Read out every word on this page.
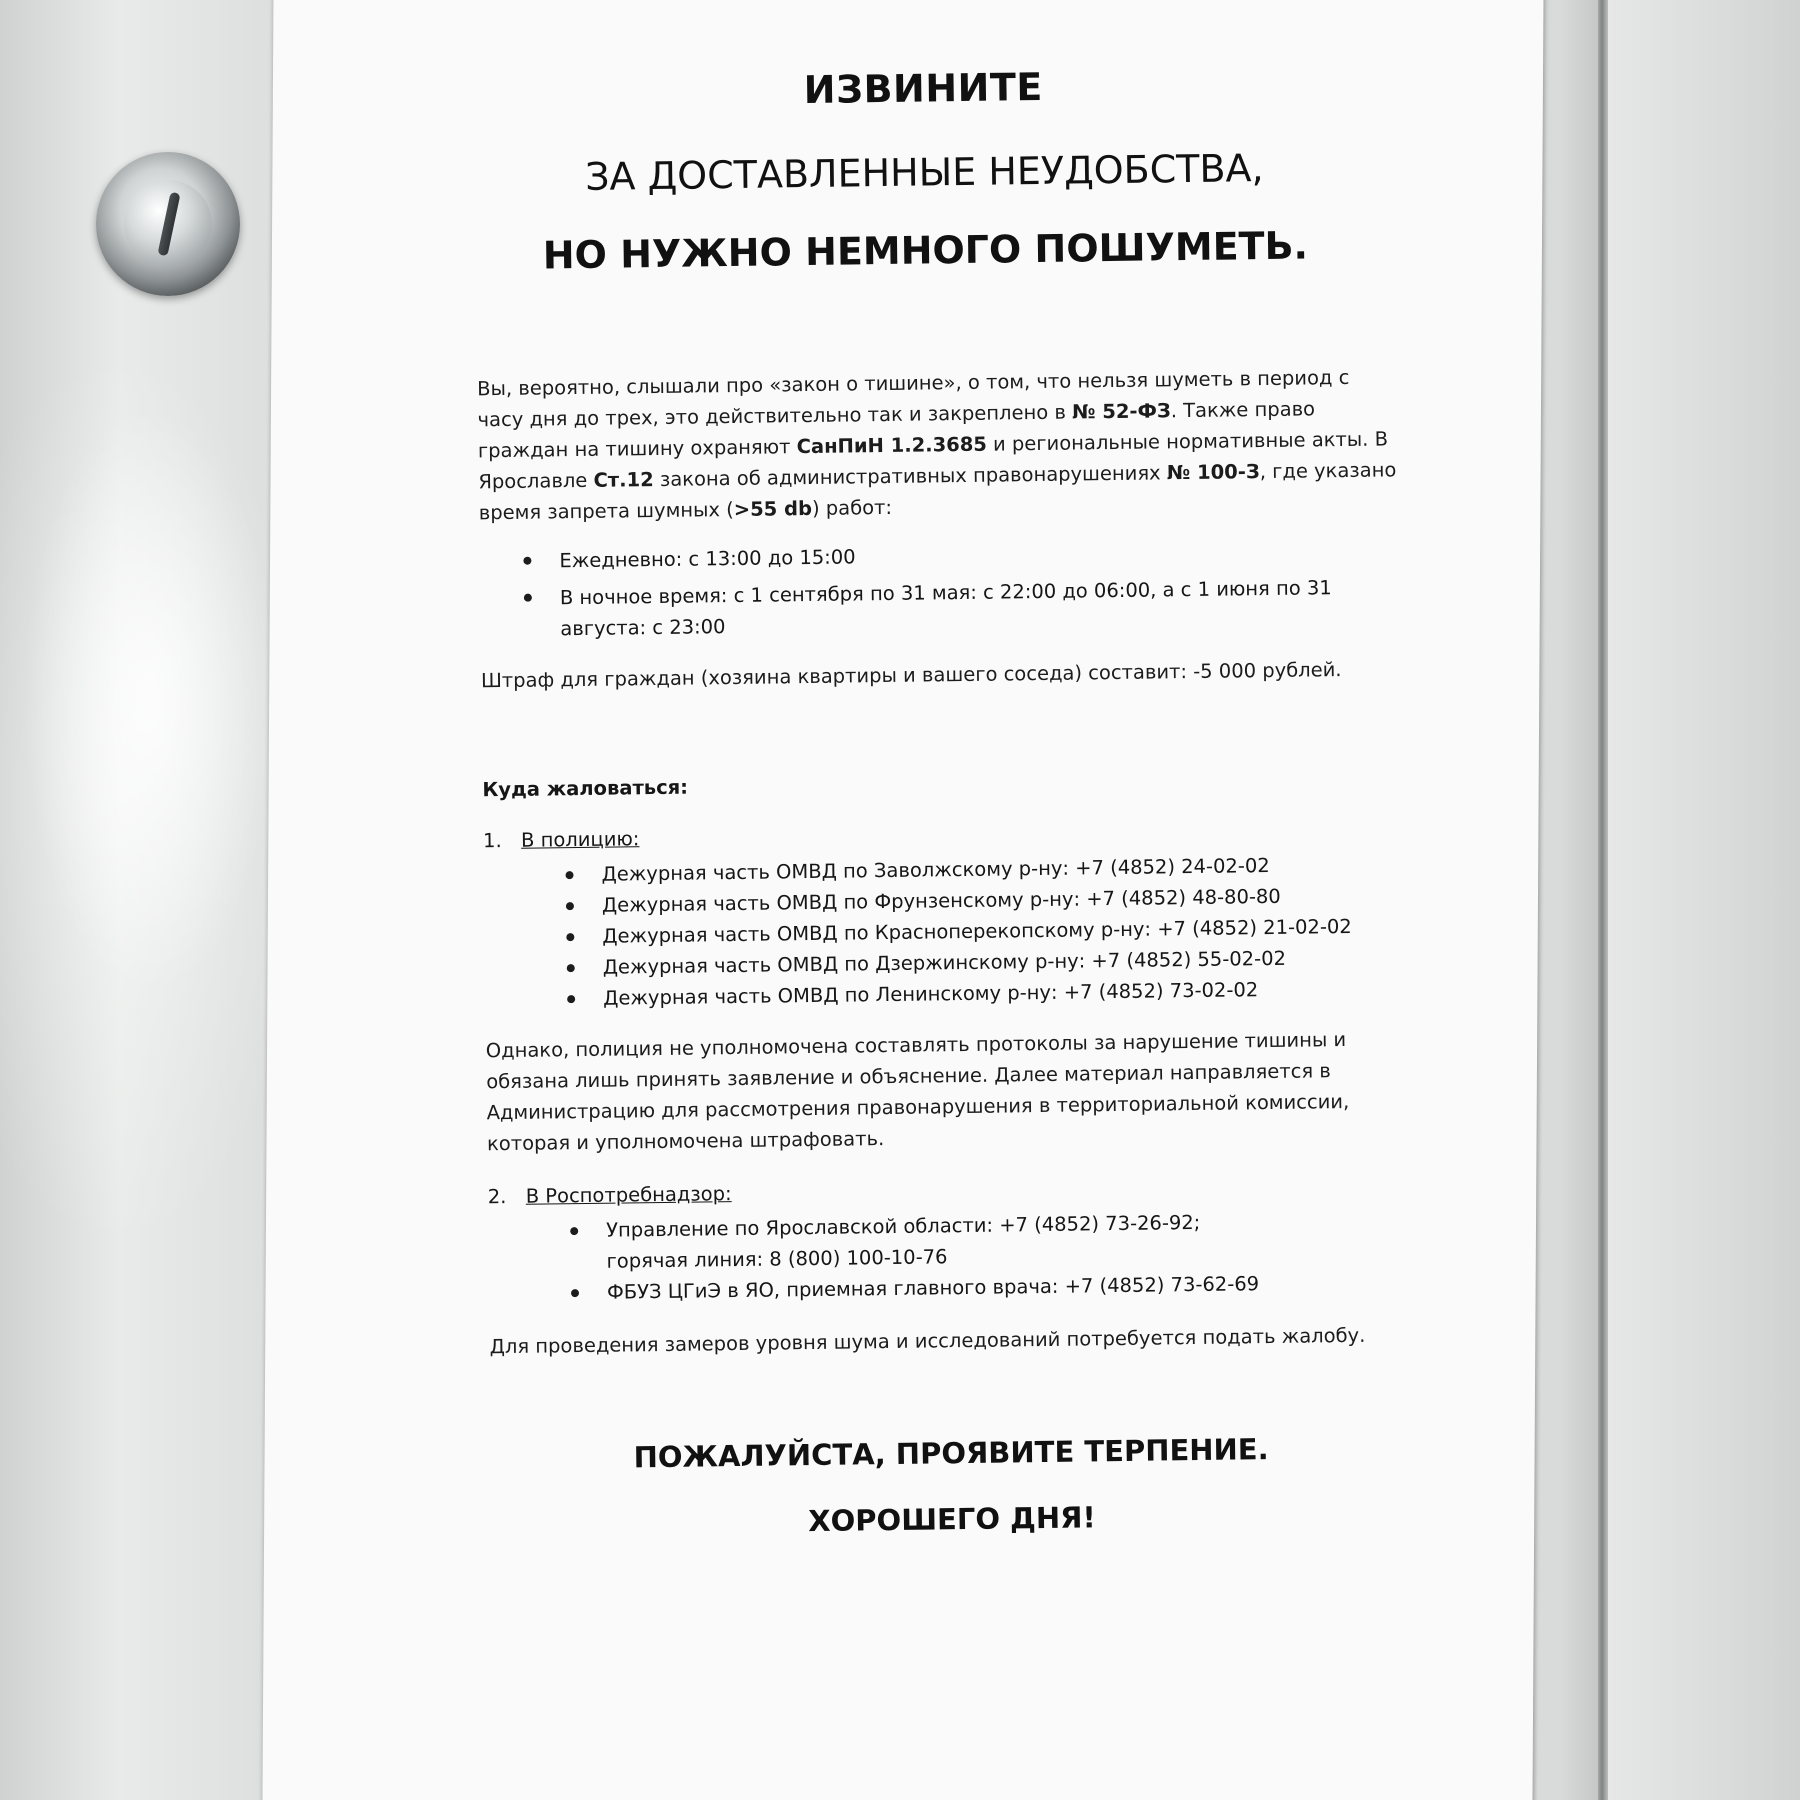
ИЗВИНИТЕ

ЗА ДОСТАВЛЕННЫЕ НЕУДОБСТВА,

НО НУЖНО НЕМНОГО ПОШУМЕТЬ.

Вы, вероятно, слышали про «закон о тишине», о том, что нельзя шуметь в период с часу дня до трех, это действительно так и закреплено в № 52-ФЗ. Также право граждан на тишину охраняют СанПиН 1.2.3685 и региональные нормативные акты. В Ярославле Ст.12 закона об административных правонарушениях № 100-З, где указано время запрета шумных (>55 db) работ:

Ежедневно: с 13:00 до 15:00
В ночное время: с 1 сентября по 31 мая: с 22:00 до 06:00, а с 1 июня по 31 августа: с 23:00

Штраф для граждан (хозяина квартиры и вашего соседа) составит: -5 000 рублей.

Куда жаловаться:

1. В полицию:
Дежурная часть ОМВД по Заволжскому р-ну: +7 (4852) 24-02-02
Дежурная часть ОМВД по Фрунзенскому р-ну: +7 (4852) 48-80-80
Дежурная часть ОМВД по Красноперекопскому р-ну: +7 (4852) 21-02-02
Дежурная часть ОМВД по Дзержинскому р-ну: +7 (4852) 55-02-02
Дежурная часть ОМВД по Ленинскому р-ну: +7 (4852) 73-02-02

Однако, полиция не уполномочена составлять протоколы за нарушение тишины и обязана лишь принять заявление и объяснение. Далее материал направляется в Администрацию для рассмотрения правонарушения в территориальной комиссии, которая и уполномочена штрафовать.

2. В Роспотребнадзор:
Управление по Ярославской области: +7 (4852) 73-26-92;
горячая линия: 8 (800) 100-10-76
ФБУЗ ЦГиЭ в ЯО, приемная главного врача: +7 (4852) 73-62-69

Для проведения замеров уровня шума и исследований потребуется подать жалобу.

ПОЖАЛУЙСТА, ПРОЯВИТЕ ТЕРПЕНИЕ.

ХОРОШЕГО ДНЯ!
